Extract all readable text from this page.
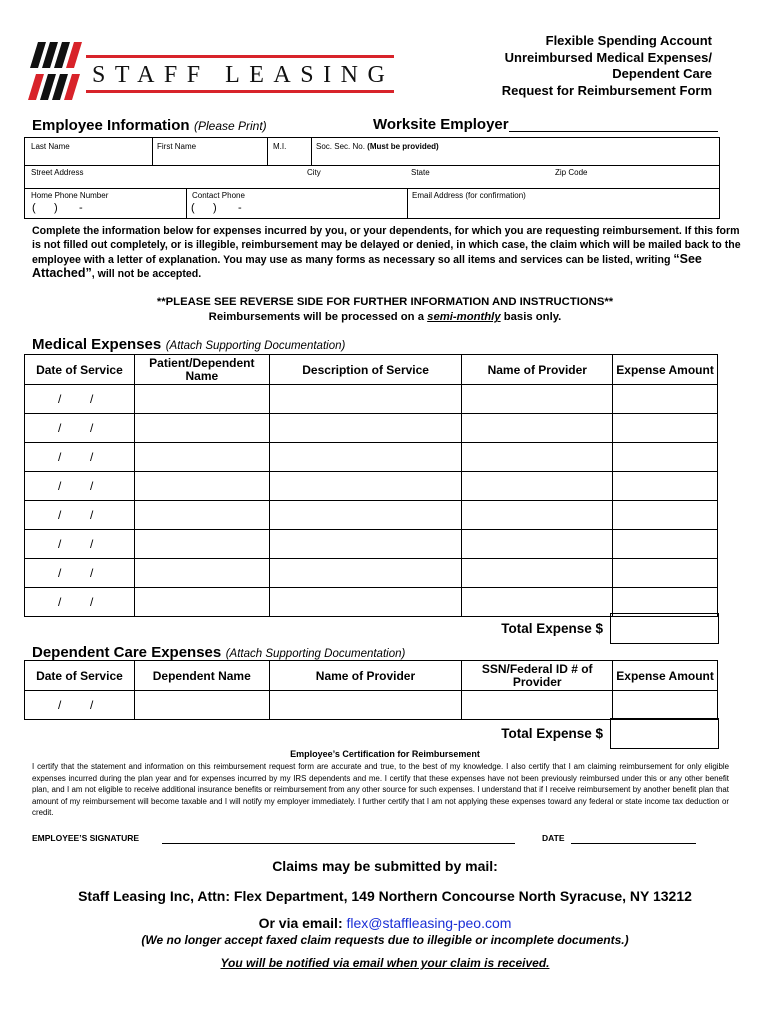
STAFF LEASING
Flexible Spending Account
Unreimbursed Medical Expenses/
Dependent Care
Request for Reimbursement Form
Employee Information (Please Print)	Worksite Employer
Last Name	First Name	M.I.	Soc. Sec. No. (Must be provided)
Street Address	City	State	Zip Code
Home Phone Number
(      )       -
Contact Phone
(      )       -
Email Address (for confirmation)
Complete the information below for expenses incurred by you, or your dependents, for which you are requesting reimbursement. If this form is not filled out completely, or is illegible, reimbursement may be delayed or denied, in which case, the claim which will be mailed back to the employee with a letter of explanation. You may use as many forms as necessary so all items and services can be listed, writing “See Attached”, will not be accepted.
**PLEASE SEE REVERSE SIDE FOR FURTHER INFORMATION AND INSTRUCTIONS**
Reimbursements will be processed on a semi-monthly basis only.
Medical Expenses (Attach Supporting Documentation)
Date of Service	Patient/Dependent Name	Description of Service	Name of Provider	Expense Amount
/ /				
/ /				
/ /				
/ /				
/ /				
/ /				
/ /				
/ /				
Total Expense $
Dependent Care Expenses (Attach Supporting Documentation)
Date of Service	Dependent Name	Name of Provider	SSN/Federal ID # of Provider	Expense Amount
/ /				
Total Expense $
Employee’s Certification for Reimbursement
I certify that the statement and information on this reimbursement request form are accurate and true, to the best of my knowledge. I also certify that I am claiming reimbursement for only eligible expenses incurred during the plan year and for expenses incurred by my IRS dependents and me. I certify that these expenses have not been previously reimbursed under this or any other benefit plan, and I am not eligible to receive additional insurance benefits or reimbursement from any other source for such expenses. I understand that if I receive reimbursement by another benefit plan that amount of my reimbursement will become taxable and I will notify my employer immediately. I further certify that I am not applying these expenses toward any federal or state income tax deduction or credit.
EMPLOYEE’S SIGNATURE	DATE
Claims may be submitted by mail:
Staff Leasing Inc, Attn: Flex Department, 149 Northern Concourse North Syracuse, NY 13212
Or via email: flex@staffleasing-peo.com
(We no longer accept faxed claim requests due to illegible or incomplete documents.)
You will be notified via email when your claim is received.
